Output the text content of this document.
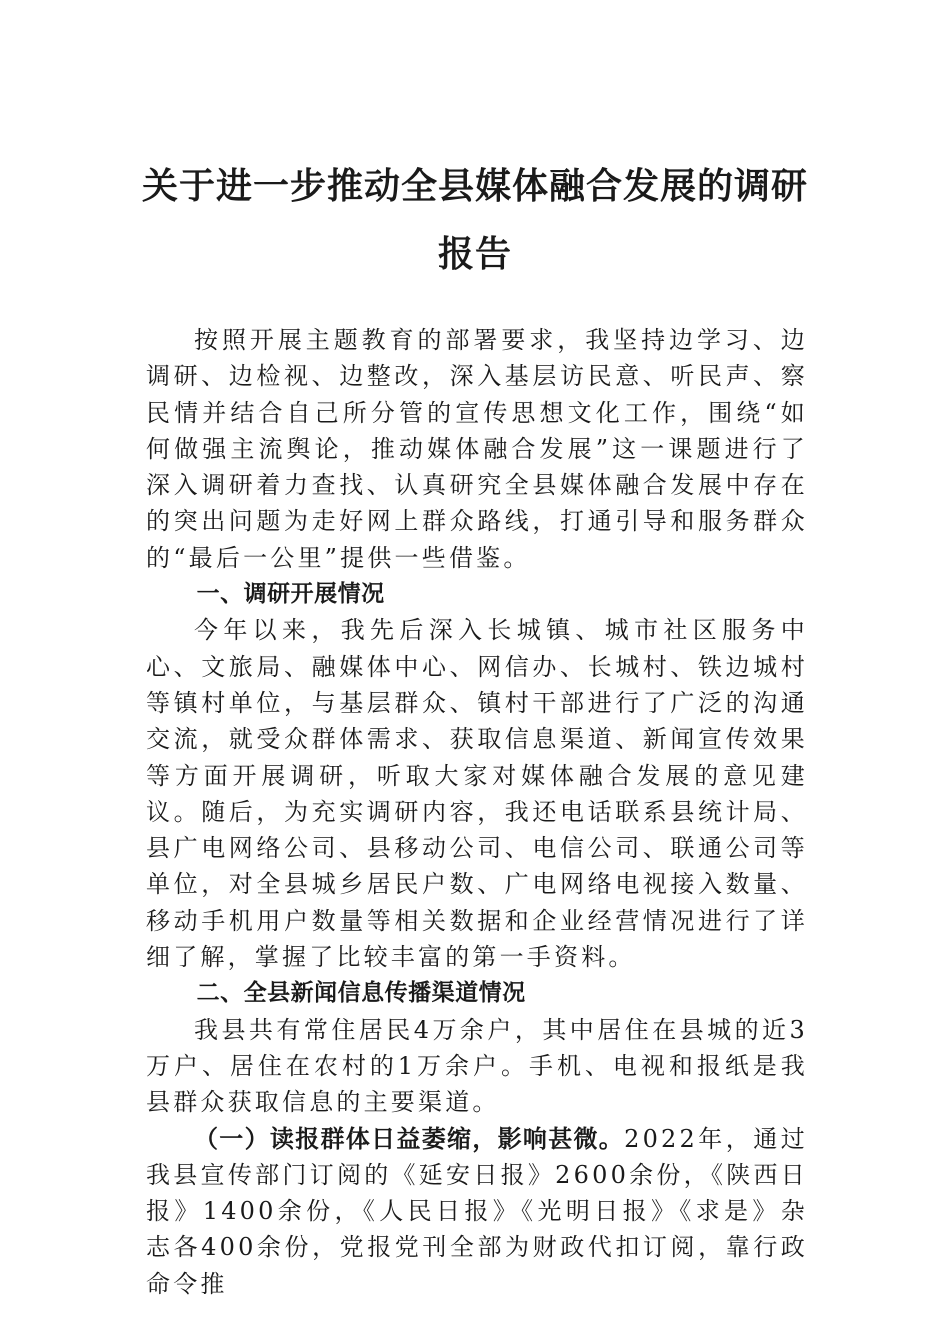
关于进一步推动全县媒体融合发展的调研
报告

按照开展主题教育的部署要求，我坚持边学习、边调研、边检视、边整改，深入基层访民意、听民声、察民情并结合自己所分管的宣传思想文化工作，围绕“如何做强主流舆论，推动媒体融合发展”这一课题进行了深入调研着力查找、认真研究全县媒体融合发展中存在的突出问题为走好网上群众路线，打通引导和服务群众的“最后一公里”提供一些借鉴。

一、调研开展情况

今年以来，我先后深入长城镇、城市社区服务中心、文旅局、融媒体中心、网信办、长城村、铁边城村等镇村单位，与基层群众、镇村干部进行了广泛的沟通交流，就受众群体需求、获取信息渠道、新闻宣传效果等方面开展调研，听取大家对媒体融合发展的意见建议。随后，为充实调研内容，我还电话联系县统计局、县广电网络公司、县移动公司、电信公司、联通公司等单位，对全县城乡居民户数、广电网络电视接入数量、移动手机用户数量等相关数据和企业经营情况进行了详细了解，掌握了比较丰富的第一手资料。

二、全县新闻信息传播渠道情况

我县共有常住居民4万余户，其中居住在县城的近3万户、居住在农村的1万余户。手机、电视和报纸是我县群众获取信息的主要渠道。

（一）读报群体日益萎缩，影响甚微。2022年，通过我县宣传部门订阅的《延安日报》2600余份，《陕西日报》1400余份，《人民日报》《光明日报》《求是》杂志各400余份，党报党刊全部为财政代扣订阅，靠行政命令推
